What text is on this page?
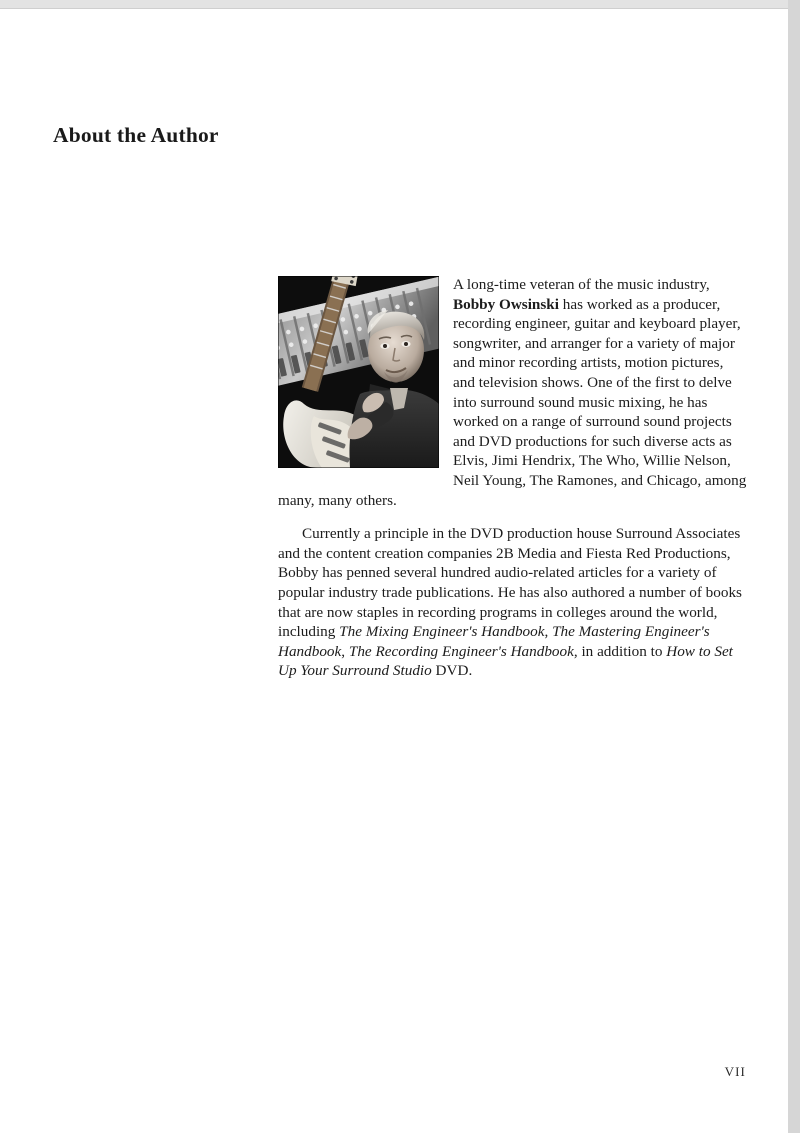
About the Author

A long-time veteran of the music industry, Bobby Owsinski has worked as a producer, recording engineer, guitar and keyboard player, songwriter, and arranger for a variety of major and minor recording artists, motion pictures, and television shows. One of the first to delve into surround sound music mixing, he has worked on a range of surround sound projects and DVD productions for such diverse acts as Elvis, Jimi Hendrix, The Who, Willie Nelson, Neil Young, The Ramones, and Chicago, among many, many others.

Currently a principle in the DVD production house Surround Associates and the content creation companies 2B Media and Fiesta Red Productions, Bobby has penned several hundred audio-related articles for a variety of popular industry trade publications. He has also authored a number of books that are now staples in recording programs in colleges around the world, including The Mixing Engineer's Handbook, The Mastering Engineer's Handbook, The Recording Engineer's Handbook, in addition to How to Set Up Your Surround Studio DVD.

VII
